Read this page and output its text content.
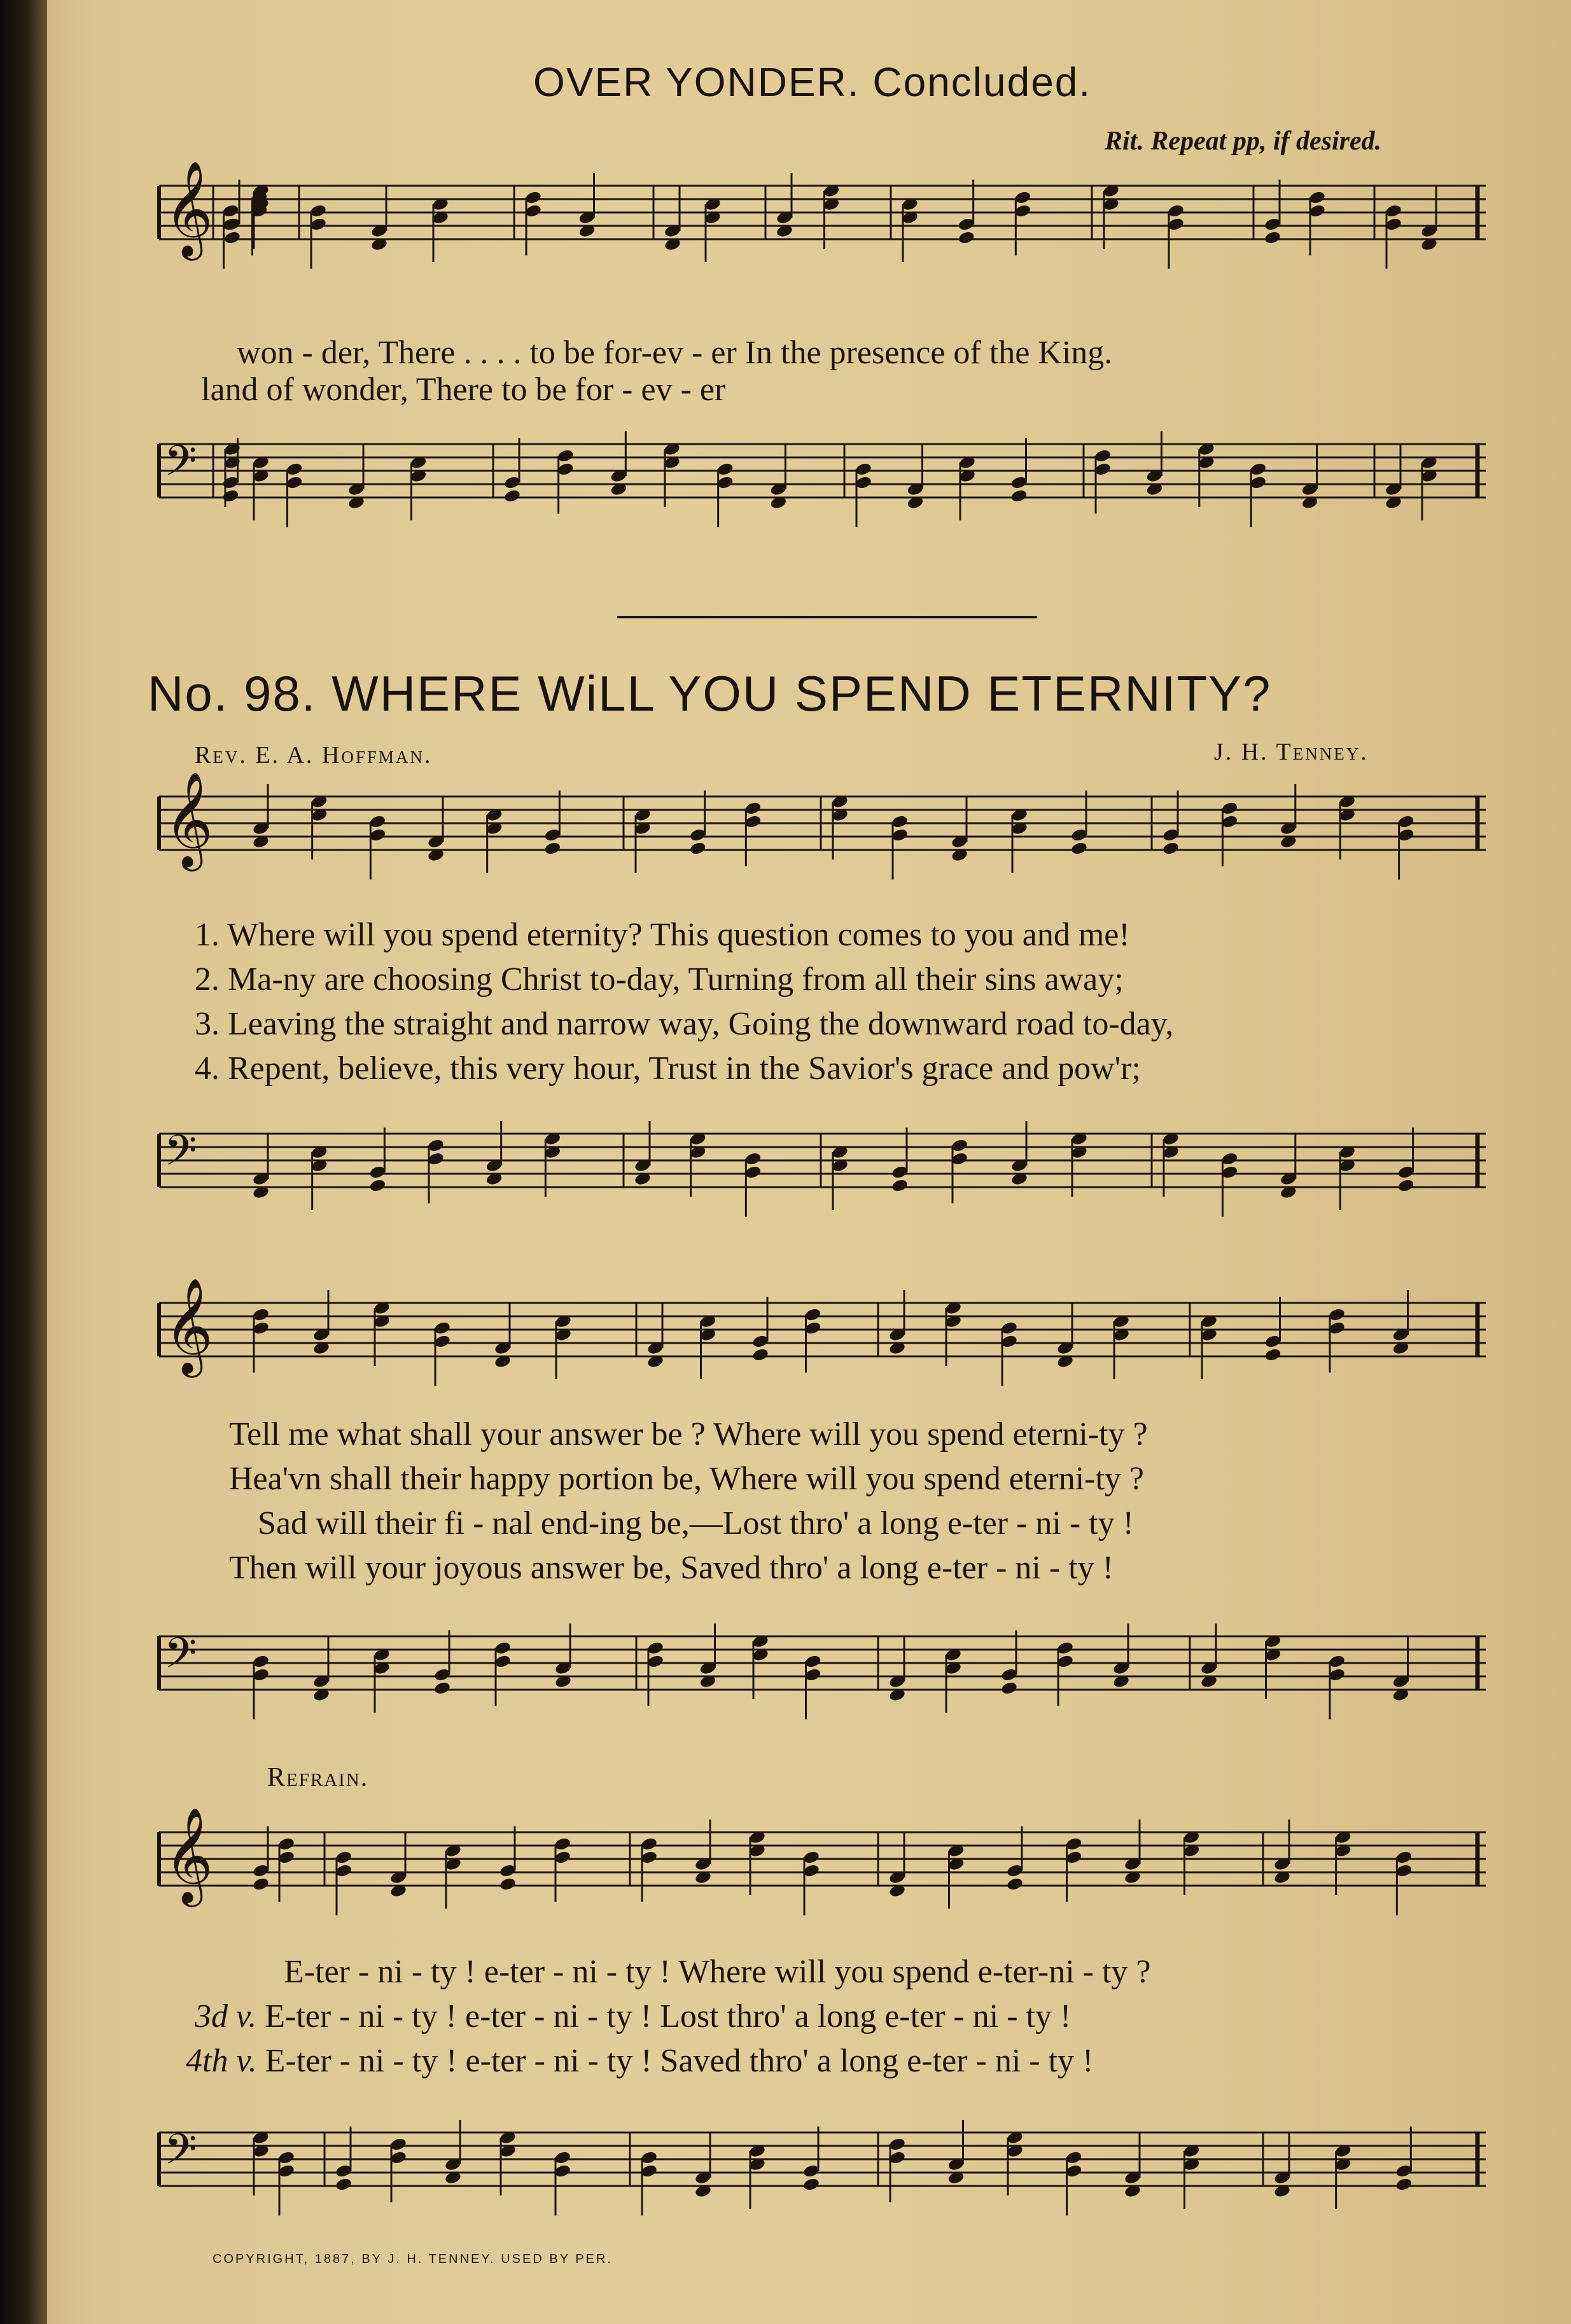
OVER YONDER. Concluded.
Rit. Repeat pp, if desired.
𝄞
won - der, There . . . . to be for-ev - er In the presence of the King.
land of wonder, There to be for - ev - er
𝄢
No. 98. WHERE WiLL YOU SPEND ETERNITY?
Rev. E. A. Hoffman.	J. H. Tenney.
𝄞
1. Where will you spend eternity? This question comes to you and me!
2. Ma-ny are choosing Christ to-day, Turning from all their sins away;
3. Leaving the straight and narrow way, Going the downward road to-day,
4. Repent, believe, this very hour, Trust in the Savior's grace and pow'r;
𝄢
𝄞
Tell me what shall your answer be ? Where will you spend eterni-ty ?
Hea'vn shall their happy portion be, Where will you spend eterni-ty ?
Sad will their fi - nal end-ing be,—Lost thro' a long e-ter - ni - ty !
Then will your joyous answer be, Saved thro' a long e-ter - ni - ty !
𝄢
Refrain.
𝄞
E-ter - ni - ty ! e-ter - ni - ty ! Where will you spend e-ter-ni - ty ?
3d v. E-ter - ni - ty ! e-ter - ni - ty ! Lost thro' a long e-ter - ni - ty !
4th v. E-ter - ni - ty ! e-ter - ni - ty ! Saved thro' a long e-ter - ni - ty !
𝄢
COPYRIGHT, 1887, BY J. H. TENNEY. USED BY PER.
